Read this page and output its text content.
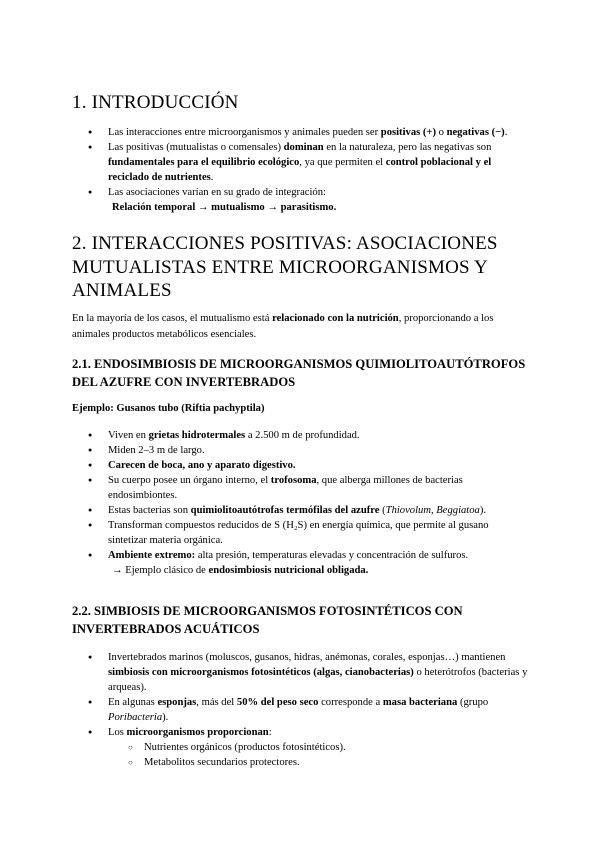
1. INTRODUCCIÓN
● Las interacciones entre microorganismos y animales pueden ser positivas (+) o negativas (−).
● Las positivas (mutualistas o comensales) dominan en la naturaleza, pero las negativas son fundamentales para el equilibrio ecológico, ya que permiten el control poblacional y el reciclado de nutrientes.
● Las asociaciones varían en su grado de integración:

Relación temporal → mutualismo → parasitismo.
2. INTERACCIONES POSITIVAS: ASOCIACIONES MUTUALISTAS ENTRE MICROORGANISMOS Y ANIMALES

En la mayoría de los casos, el mutualismo está relacionado con la nutrición, proporcionando a los animales productos metabólicos esenciales.

2.1. ENDOSIMBIOSIS DE MICROORGANISMOS QUIMIOLITOAUTÓTROFOS DEL AZUFRE CON INVERTEBRADOS

Ejemplo: Gusanos tubo (Riftia pachyptila)

● Viven en grietas hidrotermales a 2.500 m de profundidad.
● Miden 2–3 m de largo.
● Carecen de boca, ano y aparato digestivo.
● Su cuerpo posee un órgano interno, el trofosoma, que alberga millones de bacterias endosimbiontes.
● Estas bacterias son quimiolitoautótrofas termófilas del azufre (Thiovolum, Beggiatoa).
● Transforman compuestos reducidos de S (H₂S) en energía química, que permite al gusano sintetizar materia orgánica.
● Ambiente extremo: alta presión, temperaturas elevadas y concentración de sulfuros.

→ Ejemplo clásico de endosimbiosis nutricional obligada.
2.2. SIMBIOSIS DE MICROORGANISMOS FOTOSINTÉTICOS CON INVERTEBRADOS ACUÁTICOS
● Invertebrados marinos (moluscos, gusanos, hidras, anémonas, corales, esponjas…) mantienen simbiosis con microorganismos fotosintéticos (algas, cianobacterias) o heterótrofos (bacterias y arqueas).
● En algunas esponjas, más del 50% del peso seco corresponde a masa bacteriana (grupo Poribacteria).
● Los microorganismos proporcionan:
○ Nutrientes orgánicos (productos fotosintéticos).
○ Metabolitos secundarios protectores.
